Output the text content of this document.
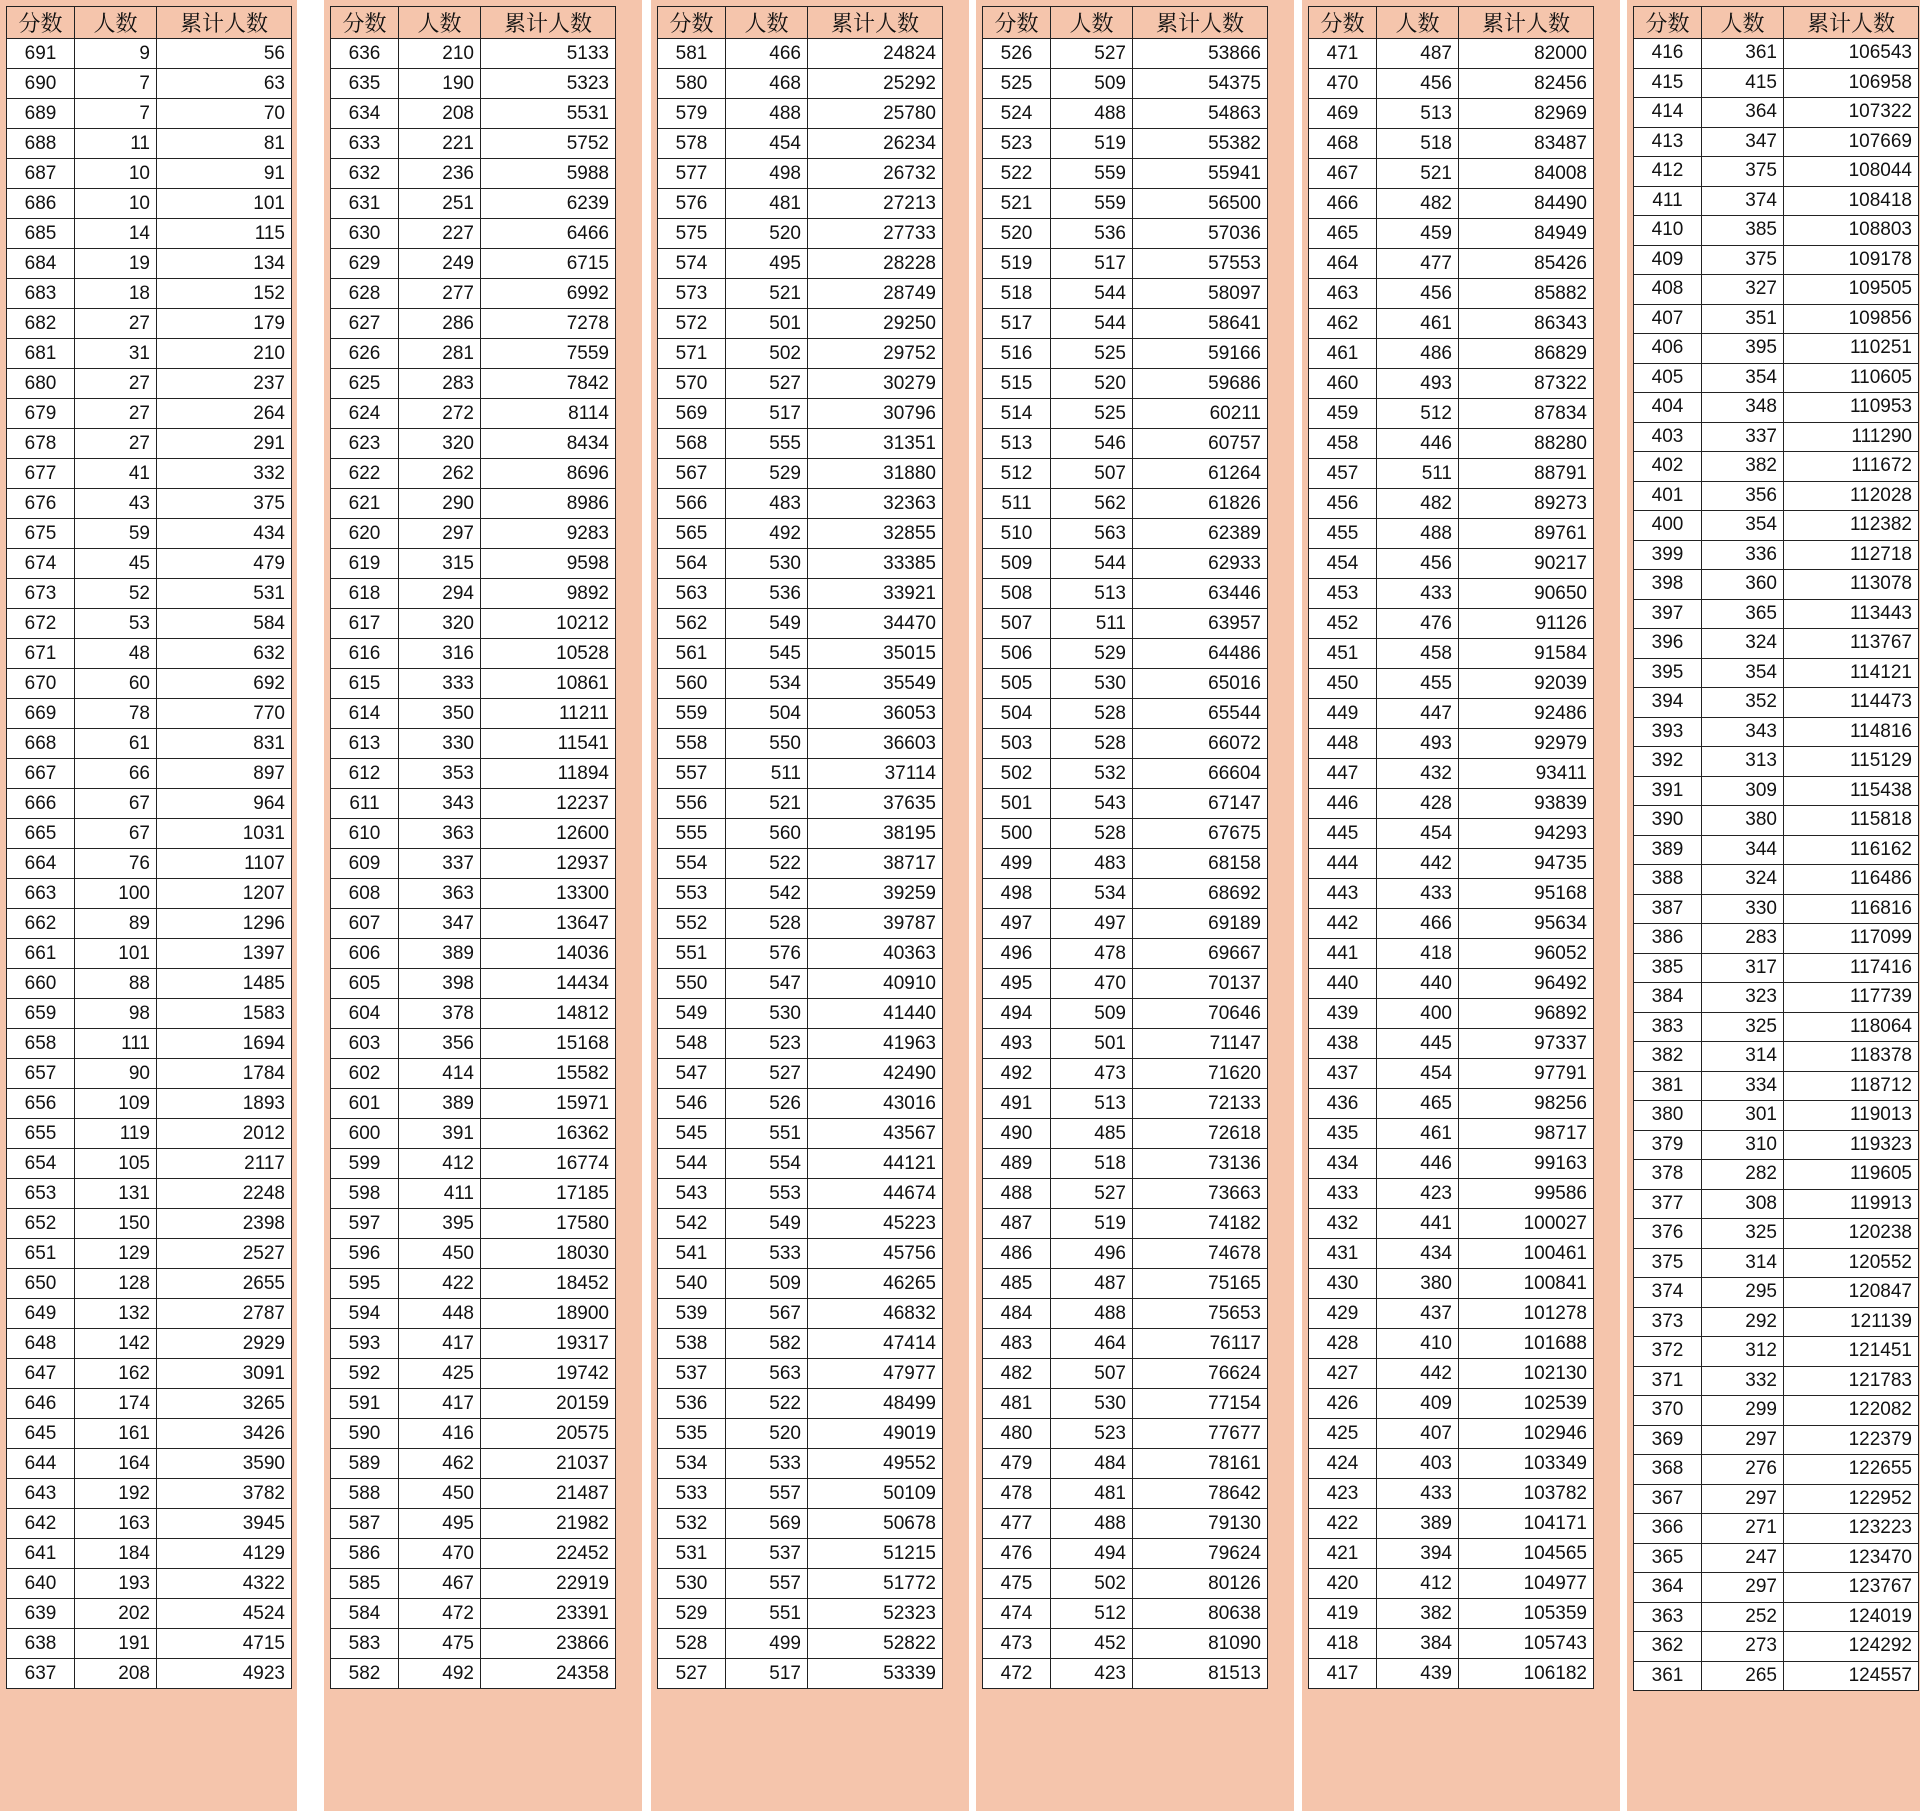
分数	人数	累计人数
691	9	56
690	7	63
689	7	70
688	11	81
687	10	91
686	10	101
685	14	115
684	19	134
683	18	152
682	27	179
681	31	210
680	27	237
679	27	264
678	27	291
677	41	332
676	43	375
675	59	434
674	45	479
673	52	531
672	53	584
671	48	632
670	60	692
669	78	770
668	61	831
667	66	897
666	67	964
665	67	1031
664	76	1107
663	100	1207
662	89	1296
661	101	1397
660	88	1485
659	98	1583
658	111	1694
657	90	1784
656	109	1893
655	119	2012
654	105	2117
653	131	2248
652	150	2398
651	129	2527
650	128	2655
649	132	2787
648	142	2929
647	162	3091
646	174	3265
645	161	3426
644	164	3590
643	192	3782
642	163	3945
641	184	4129
640	193	4322
639	202	4524
638	191	4715
637	208	4923
分数	人数	累计人数
636	210	5133
635	190	5323
634	208	5531
633	221	5752
632	236	5988
631	251	6239
630	227	6466
629	249	6715
628	277	6992
627	286	7278
626	281	7559
625	283	7842
624	272	8114
623	320	8434
622	262	8696
621	290	8986
620	297	9283
619	315	9598
618	294	9892
617	320	10212
616	316	10528
615	333	10861
614	350	11211
613	330	11541
612	353	11894
611	343	12237
610	363	12600
609	337	12937
608	363	13300
607	347	13647
606	389	14036
605	398	14434
604	378	14812
603	356	15168
602	414	15582
601	389	15971
600	391	16362
599	412	16774
598	411	17185
597	395	17580
596	450	18030
595	422	18452
594	448	18900
593	417	19317
592	425	19742
591	417	20159
590	416	20575
589	462	21037
588	450	21487
587	495	21982
586	470	22452
585	467	22919
584	472	23391
583	475	23866
582	492	24358
分数	人数	累计人数
581	466	24824
580	468	25292
579	488	25780
578	454	26234
577	498	26732
576	481	27213
575	520	27733
574	495	28228
573	521	28749
572	501	29250
571	502	29752
570	527	30279
569	517	30796
568	555	31351
567	529	31880
566	483	32363
565	492	32855
564	530	33385
563	536	33921
562	549	34470
561	545	35015
560	534	35549
559	504	36053
558	550	36603
557	511	37114
556	521	37635
555	560	38195
554	522	38717
553	542	39259
552	528	39787
551	576	40363
550	547	40910
549	530	41440
548	523	41963
547	527	42490
546	526	43016
545	551	43567
544	554	44121
543	553	44674
542	549	45223
541	533	45756
540	509	46265
539	567	46832
538	582	47414
537	563	47977
536	522	48499
535	520	49019
534	533	49552
533	557	50109
532	569	50678
531	537	51215
530	557	51772
529	551	52323
528	499	52822
527	517	53339
分数	人数	累计人数
526	527	53866
525	509	54375
524	488	54863
523	519	55382
522	559	55941
521	559	56500
520	536	57036
519	517	57553
518	544	58097
517	544	58641
516	525	59166
515	520	59686
514	525	60211
513	546	60757
512	507	61264
511	562	61826
510	563	62389
509	544	62933
508	513	63446
507	511	63957
506	529	64486
505	530	65016
504	528	65544
503	528	66072
502	532	66604
501	543	67147
500	528	67675
499	483	68158
498	534	68692
497	497	69189
496	478	69667
495	470	70137
494	509	70646
493	501	71147
492	473	71620
491	513	72133
490	485	72618
489	518	73136
488	527	73663
487	519	74182
486	496	74678
485	487	75165
484	488	75653
483	464	76117
482	507	76624
481	530	77154
480	523	77677
479	484	78161
478	481	78642
477	488	79130
476	494	79624
475	502	80126
474	512	80638
473	452	81090
472	423	81513
分数	人数	累计人数
471	487	82000
470	456	82456
469	513	82969
468	518	83487
467	521	84008
466	482	84490
465	459	84949
464	477	85426
463	456	85882
462	461	86343
461	486	86829
460	493	87322
459	512	87834
458	446	88280
457	511	88791
456	482	89273
455	488	89761
454	456	90217
453	433	90650
452	476	91126
451	458	91584
450	455	92039
449	447	92486
448	493	92979
447	432	93411
446	428	93839
445	454	94293
444	442	94735
443	433	95168
442	466	95634
441	418	96052
440	440	96492
439	400	96892
438	445	97337
437	454	97791
436	465	98256
435	461	98717
434	446	99163
433	423	99586
432	441	100027
431	434	100461
430	380	100841
429	437	101278
428	410	101688
427	442	102130
426	409	102539
425	407	102946
424	403	103349
423	433	103782
422	389	104171
421	394	104565
420	412	104977
419	382	105359
418	384	105743
417	439	106182
分数	人数	累计人数
416	361	106543
415	415	106958
414	364	107322
413	347	107669
412	375	108044
411	374	108418
410	385	108803
409	375	109178
408	327	109505
407	351	109856
406	395	110251
405	354	110605
404	348	110953
403	337	111290
402	382	111672
401	356	112028
400	354	112382
399	336	112718
398	360	113078
397	365	113443
396	324	113767
395	354	114121
394	352	114473
393	343	114816
392	313	115129
391	309	115438
390	380	115818
389	344	116162
388	324	116486
387	330	116816
386	283	117099
385	317	117416
384	323	117739
383	325	118064
382	314	118378
381	334	118712
380	301	119013
379	310	119323
378	282	119605
377	308	119913
376	325	120238
375	314	120552
374	295	120847
373	292	121139
372	312	121451
371	332	121783
370	299	122082
369	297	122379
368	276	122655
367	297	122952
366	271	123223
365	247	123470
364	297	123767
363	252	124019
362	273	124292
361	265	124557
